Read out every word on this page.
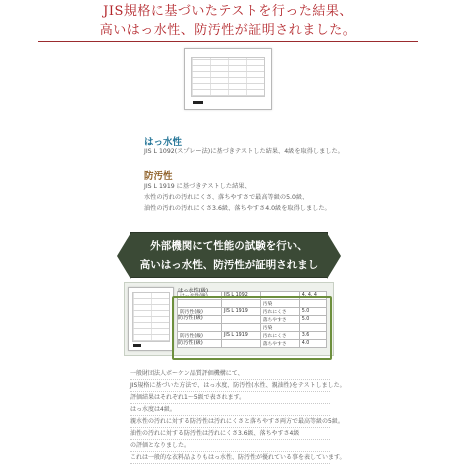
JIS規格に基づいたテストを行った結果、
高いはっ水性、防汚性が証明されました。
はっ水性
JIS L 1092(スプレー法)に基づきテストした結果、4級を取得しました。
防汚性
JIS L 1919 に基づきテストした結果、
水性の汚れの汚れにくさ、落ちやすさで最高等級の5.0級、
油性の汚れの汚れにくさ3.6級、落ちやすさ4.0級を取得しました。
外部機関にて性能の試験を行い、
高いはっ水性、防汚性が証明されまし
はっ水性(級)	JIS L 1092		4, 4, 4
		汚染	
防汚性(級)	JIS L 1919	汚れにくさ	5.0
		落ちやすさ	5.0
		汚染	
防汚性(級)	JIS L 1919	汚れにくさ	3.6
		落ちやすさ	4.0
はっ水性(級)
防汚性(級)
防汚性(級)
一般財団法人ボーケン品質評価機構にて、
JIS規格に基づいた方法で、はっ水度、防汚性(水性、親油性)をテストしました。
評価結果はそれぞれ1〜5級で表されます。
はっ水度は4級。
親水性の汚れに対する防汚性は汚れにくさと落ちやすさ両方で最高等級の5級。
油性の汚れに対する防汚性は汚れにくさ3.6級、落ちやすさ4級
の評価となりました。
これは一般的な衣料品よりもはっ水性、防汚性が優れている事を表しています。
